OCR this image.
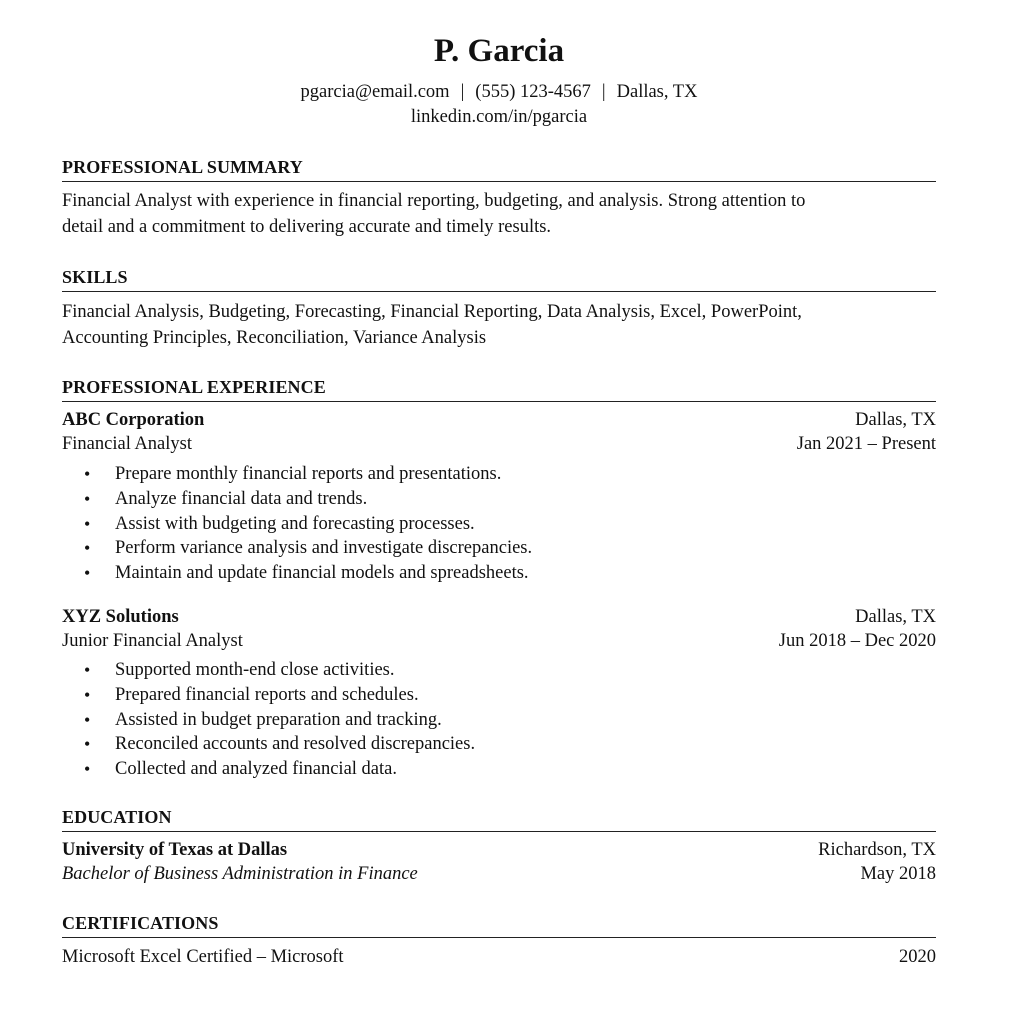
P. Garcia
pgarcia@email.com | (555) 123-4567 | Dallas, TX
linkedin.com/in/pgarcia
PROFESSIONAL SUMMARY
Financial Analyst with experience in financial reporting, budgeting, and analysis. Strong attention to
detail and a commitment to delivering accurate and timely results.
SKILLS
Financial Analysis, Budgeting, Forecasting, Financial Reporting, Data Analysis, Excel, PowerPoint,
Accounting Principles, Reconciliation, Variance Analysis
PROFESSIONAL EXPERIENCE
ABC Corporation	Dallas, TX
Financial Analyst	Jan 2021 – Present
• Prepare monthly financial reports and presentations.
• Analyze financial data and trends.
• Assist with budgeting and forecasting processes.
• Perform variance analysis and investigate discrepancies.
• Maintain and update financial models and spreadsheets.
XYZ Solutions	Dallas, TX
Junior Financial Analyst	Jun 2018 – Dec 2020
• Supported month-end close activities.
• Prepared financial reports and schedules.
• Assisted in budget preparation and tracking.
• Reconciled accounts and resolved discrepancies.
• Collected and analyzed financial data.
EDUCATION
University of Texas at Dallas	Richardson, TX
Bachelor of Business Administration in Finance	May 2018
CERTIFICATIONS
Microsoft Excel Certified – Microsoft	2020
